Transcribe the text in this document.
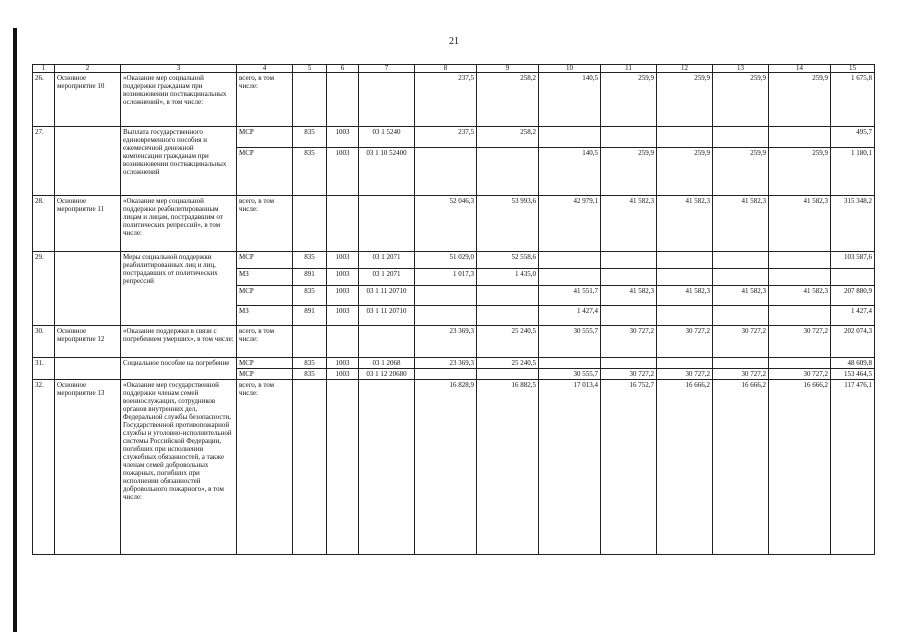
21
1	2	3	4	5	6	7	8	9	10	11	12	13	14	15
26.	Основное мероприятие 10	«Оказание мер социальной поддержки гражданам при возникновении поствакцинальных осложнений», в том числе:	всего, в том числе:				237,5	258,2	140,5	259,9	259,9	259,9	259,9	1 675,8
27.		Выплата государственного единовременного пособия и ежемесячной денежной компенсации гражданам при возникновении поствакцинальных осложнений	МСР	835	1003	03 1 5240	237,5	258,2						495,7
			МСР	835	1003	03 1 10 52400			140,5	259,9	259,9	259,9	259,9	1 180,1
28.	Основное мероприятие 11	«Оказание мер социальной поддержки реабилитированным лицам и лицам, пострадавшим от политических репрессий», в том числе:	всего, в том числе:				52 046,3	53 993,6	42 979,1	41 582,3	41 582,3	41 582,3	41 582,3	315 348,2
29.		Меры социальной поддержки реабилитированных лиц и лиц, пострадавших от политических репрессий	МСР	835	1003	03 1 2071	51 029,0	52 558,6						103 587,6
			МЗ	891	1003	03 1 2071	1 017,3	1 435,0						
			МСР	835	1003	03 1 11 20710			41 551,7	41 582,3	41 582,3	41 582,3	41 582,3	207 880,9
			МЗ	891	1003	03 1 11 20710			1 427,4					1 427,4
30.	Основное мероприятие 12	«Оказание поддержки в связи с погребением умерших», в том числе:	всего, в том числе:				23 369,3	25 240,5	30 555,7	30 727,2	30 727,2	30 727,2	30 727,2	202 074,3
31.		Социальное пособие на погребение	МСР	835	1003	03 1 2068	23 369,3	25 240,5						48 609,8
			МСР	835	1003	03 1 12 20680			30 555,7	30 727,2	30 727,2	30 727,2	30 727,2	153 464,5
32.	Основное мероприятие 13	«Оказание мер государственной поддержки членам семей военнослужащих, сотрудников органов внутренних дел, Федеральной службы безопасности, Государственной противопожарной службы и уголовно-исполнительной системы Российской Федерации, погибших при исполнении служебных обязанностей, а также членам семей добровольных пожарных, погибших при исполнении обязанностей добровольного пожарного», в том числе:	всего, в том числе:				16 828,9	16 882,5	17 013,4	16 752,7	16 666,2	16 666,2	16 666,2	117 476,1
